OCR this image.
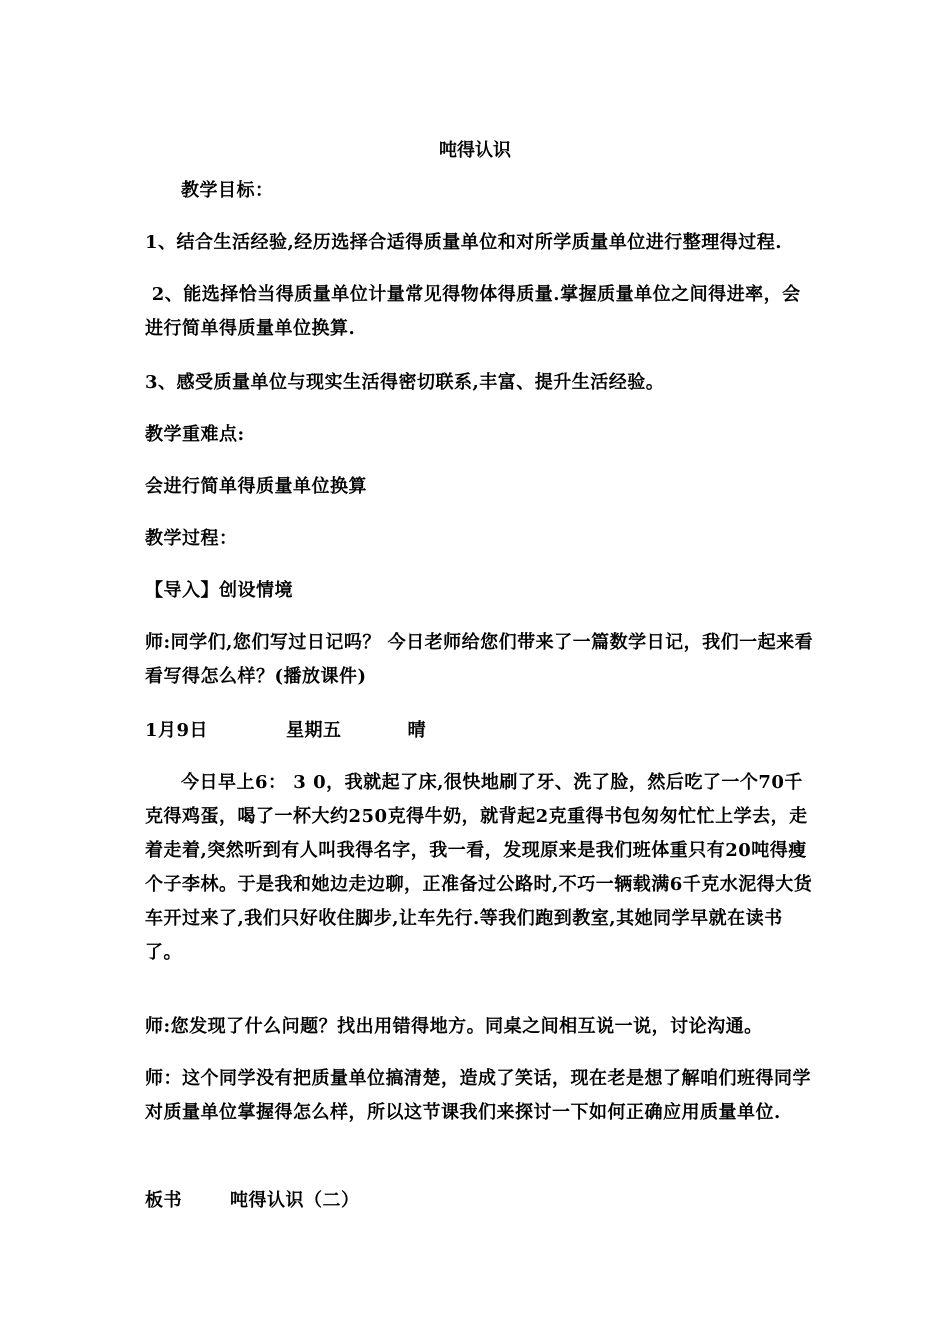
吨得认识
教学目标：
1、结合生活经验,经历选择合适得质量单位和对所学质量单位进行整理得过程.
2、能选择恰当得质量单位计量常见得物体得质量.掌握质量单位之间得进率，会进行简单得质量单位换算.
3、感受质量单位与现实生活得密切联系,丰富、提升生活经验。
教学重难点:
会进行简单得质量单位换算
教学过程：
【导入】创设情境
师:同学们,您们写过日记吗？ 今日老师给您们带来了一篇数学日记，我们一起来看看写得怎么样？(播放课件)
1月9日	星期五	晴
今日早上6： 3 0，我就起了床,很快地刷了牙、洗了脸，然后吃了一个70千克得鸡蛋，喝了一杯大约250克得牛奶，就背起2克重得书包匆匆忙忙上学去，走着走着,突然听到有人叫我得名字，我一看，发现原来是我们班体重只有20吨得瘦个子李林。于是我和她边走边聊，正准备过公路时,不巧一辆载满6千克水泥得大货车开过来了,我们只好收住脚步,让车先行.等我们跑到教室,其她同学早就在读书了。
师:您发现了什么问题？找出用错得地方。同桌之间相互说一说，讨论沟通。
师：这个同学没有把质量单位搞清楚，造成了笑话，现在老是想了解咱们班得同学对质量单位掌握得怎么样，所以这节课我们来探讨一下如何正确应用质量单位.
板书	吨得认识（二）
